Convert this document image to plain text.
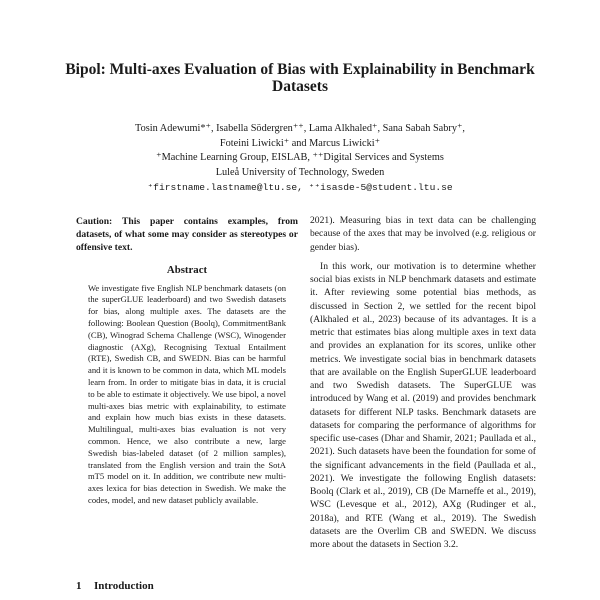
Bipol: Multi-axes Evaluation of Bias with Explainability in Benchmark Datasets
Tosin Adewumi*⁺, Isabella Södergren⁺⁺, Lama Alkhaled⁺, Sana Sabah Sabry⁺,
Foteini Liwicki⁺ and Marcus Liwicki⁺
⁺Machine Learning Group, EISLAB, ⁺⁺Digital Services and Systems
Luleå University of Technology, Sweden
⁺firstname.lastname@ltu.se, ⁺⁺isasde-5@student.ltu.se

Caution: This paper contains examples, from datasets, of what some may consider as stereotypes or offensive text.

Abstract

We investigate five English NLP benchmark datasets (on the superGLUE leaderboard) and two Swedish datasets for bias, along multiple axes. The datasets are the following: Boolean Question (Boolq), CommitmentBank (CB), Winograd Schema Challenge (WSC), Winogender diagnostic (AXg), Recognising Textual Entailment (RTE), Swedish CB, and SWEDN. Bias can be harmful and it is known to be common in data, which ML models learn from. In order to mitigate bias in data, it is crucial to be able to estimate it objectively. We use bipol, a novel multi-axes bias metric with explainability, to estimate and explain how much bias exists in these datasets. Multilingual, multi-axes bias evaluation is not very common. Hence, we also contribute a new, large Swedish bias-labeled dataset (of 2 million samples), translated from the English version and train the SotA mT5 model on it. In addition, we contribute new multi-axes lexica for bias detection in Swedish. We make the codes, model, and new dataset publicly available.

1 Introduction

2021). Measuring bias in text data can be challenging because of the axes that may be involved (e.g. religious or gender bias).

In this work, our motivation is to determine whether social bias exists in NLP benchmark datasets and estimate it. After reviewing some potential bias methods, as discussed in Section 2, we settled for the recent bipol (Alkhaled et al., 2023) because of its advantages. It is a metric that estimates bias along multiple axes in text data and provides an explanation for its scores, unlike other metrics. We investigate social bias in benchmark datasets that are available on the English SuperGLUE leaderboard and two Swedish datasets. The SuperGLUE was introduced by Wang et al. (2019) and provides benchmark datasets for different NLP tasks. Benchmark datasets are datasets for comparing the performance of algorithms for specific use-cases (Dhar and Shamir, 2021; Paullada et al., 2021). Such datasets have been the foundation for some of the significant advancements in the field (Paullada et al., 2021). We investigate the following English datasets: Boolq (Clark et al., 2019), CB (De Marneffe et al., 2019), WSC (Levesque et al., 2012), AXg (Rudinger et al., 2018a), and RTE (Wang et al., 2019). The Swedish datasets are the Overlim CB and SWEDN. We discuss more about the datasets in Section 3.2.
